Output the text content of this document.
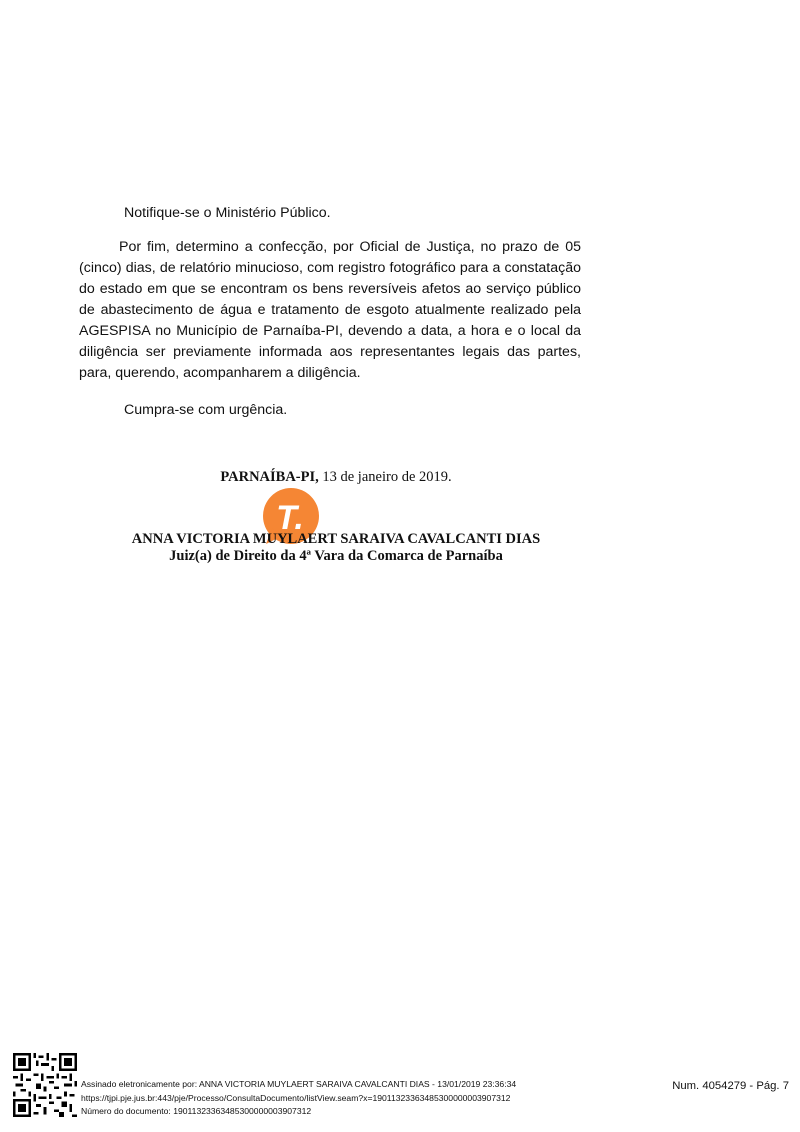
Notifique-se o Ministério Público.

Por fim, determino a confecção, por Oficial de Justiça, no prazo de 05 (cinco) dias, de relatório minucioso, com registro fotográfico para a constatação do estado em que se encontram os bens reversíveis afetos ao serviço público de abastecimento de água e tratamento de esgoto atualmente realizado pela AGESPISA no Município de Parnaíba-PI, devendo a data, a hora e o local da diligência ser previamente informada aos representantes legais das partes, para, querendo, acompanharem a diligência.

Cumpra-se com urgência.

PARNAÍBA-PI, 13 de janeiro de 2019.
T.
ANNA VICTORIA MUYLAERT SARAIVA CAVALCANTI DIAS
Juiz(a) de Direito da 4ª Vara da Comarca de Parnaíba
Assinado eletronicamente por: ANNA VICTORIA MUYLAERT SARAIVA CAVALCANTI DIAS - 13/01/2019 23:36:34
https://tjpi.pje.jus.br:443/pje/Processo/ConsultaDocumento/listView.seam?x=19011323363485300000003907312
Número do documento: 19011323363485300000003907312
Num. 4054279 - Pág. 7
